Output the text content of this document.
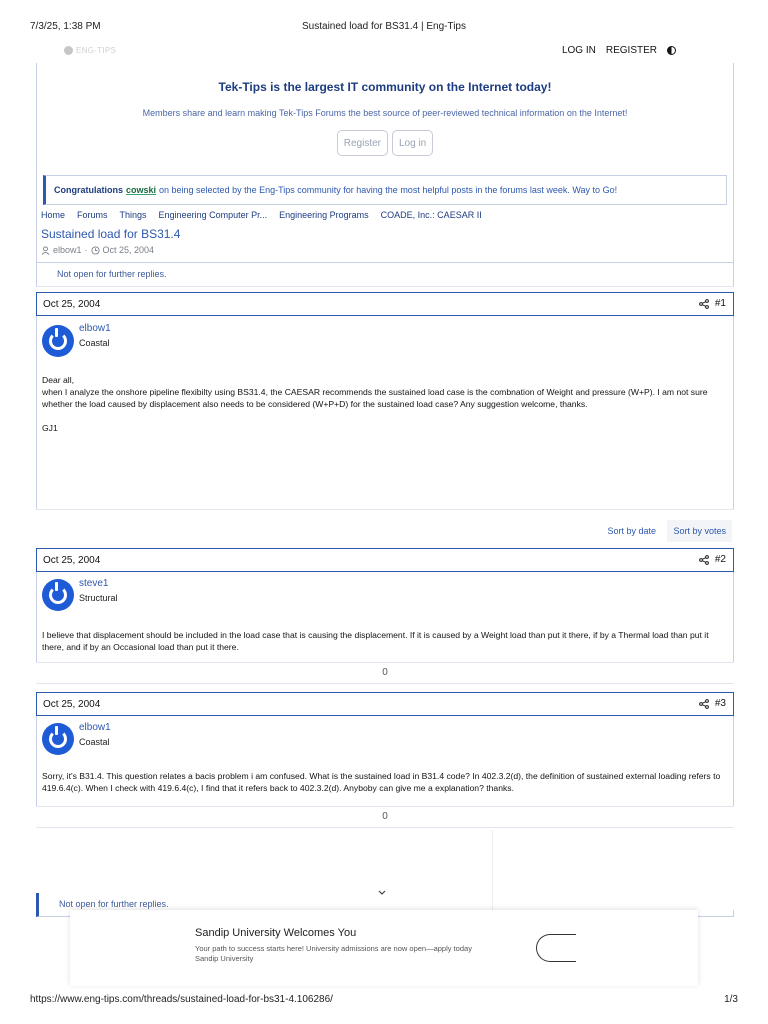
7/3/25, 1:38 PM	Sustained load for BS31.4 | Eng-Tips
ENG-TIPS	LOG IN REGISTER
Tek-Tips is the largest IT community on the Internet today!
Members share and learn making Tek-Tips Forums the best source of peer-reviewed technical information on the Internet!
Register	Log in
Congratulations cowski on being selected by the Eng-Tips community for having the most helpful posts in the forums last week. Way to Go!
Home Forums Things Engineering Computer Pr... Engineering Programs COADE, Inc.: CAESAR II
Sustained load for BS31.4
elbow1 · Oct 25, 2004
Not open for further replies.
Oct 25, 2004	#1
elbow1
Coastal

Dear all,

when I analyze the onshore pipeline flexibilty using BS31.4, the CAESAR recommends the sustained load case is the combnation of Weight and pressure (W+P). I am not sure whether the load caused by displacement also needs to be considered (W+P+D) for the sustained load case? Any suggestion welcome, thanks.

GJ1

Sort by date	Sort by votes
Oct 25, 2004	#2
steve1
Structural

I believe that displacement should be included in the load case that is causing the displacement. If it is caused by a Weight load than put it there, if by a Thermal load than put it there, and if by an Occasional load than put it there.

0
Oct 25, 2004	#3
elbow1
Coastal

Sorry, it's B31.4. This question relates a bacis problem i am confused. What is the sustained load in B31.4 code? In 402.3.2(d), the definition of sustained external loading refers to 419.6.4(c). When I check with 419.6.4(c), I find that it refers back to 402.3.2(d). Anyboby can give me a explanation? thanks.

0
Not open for further replies.
Sandip University Welcomes You
Your path to success starts here! University admissions are now open—apply today
Sandip University
https://www.eng-tips.com/threads/sustained-load-for-bs31-4.106286/	1/3
